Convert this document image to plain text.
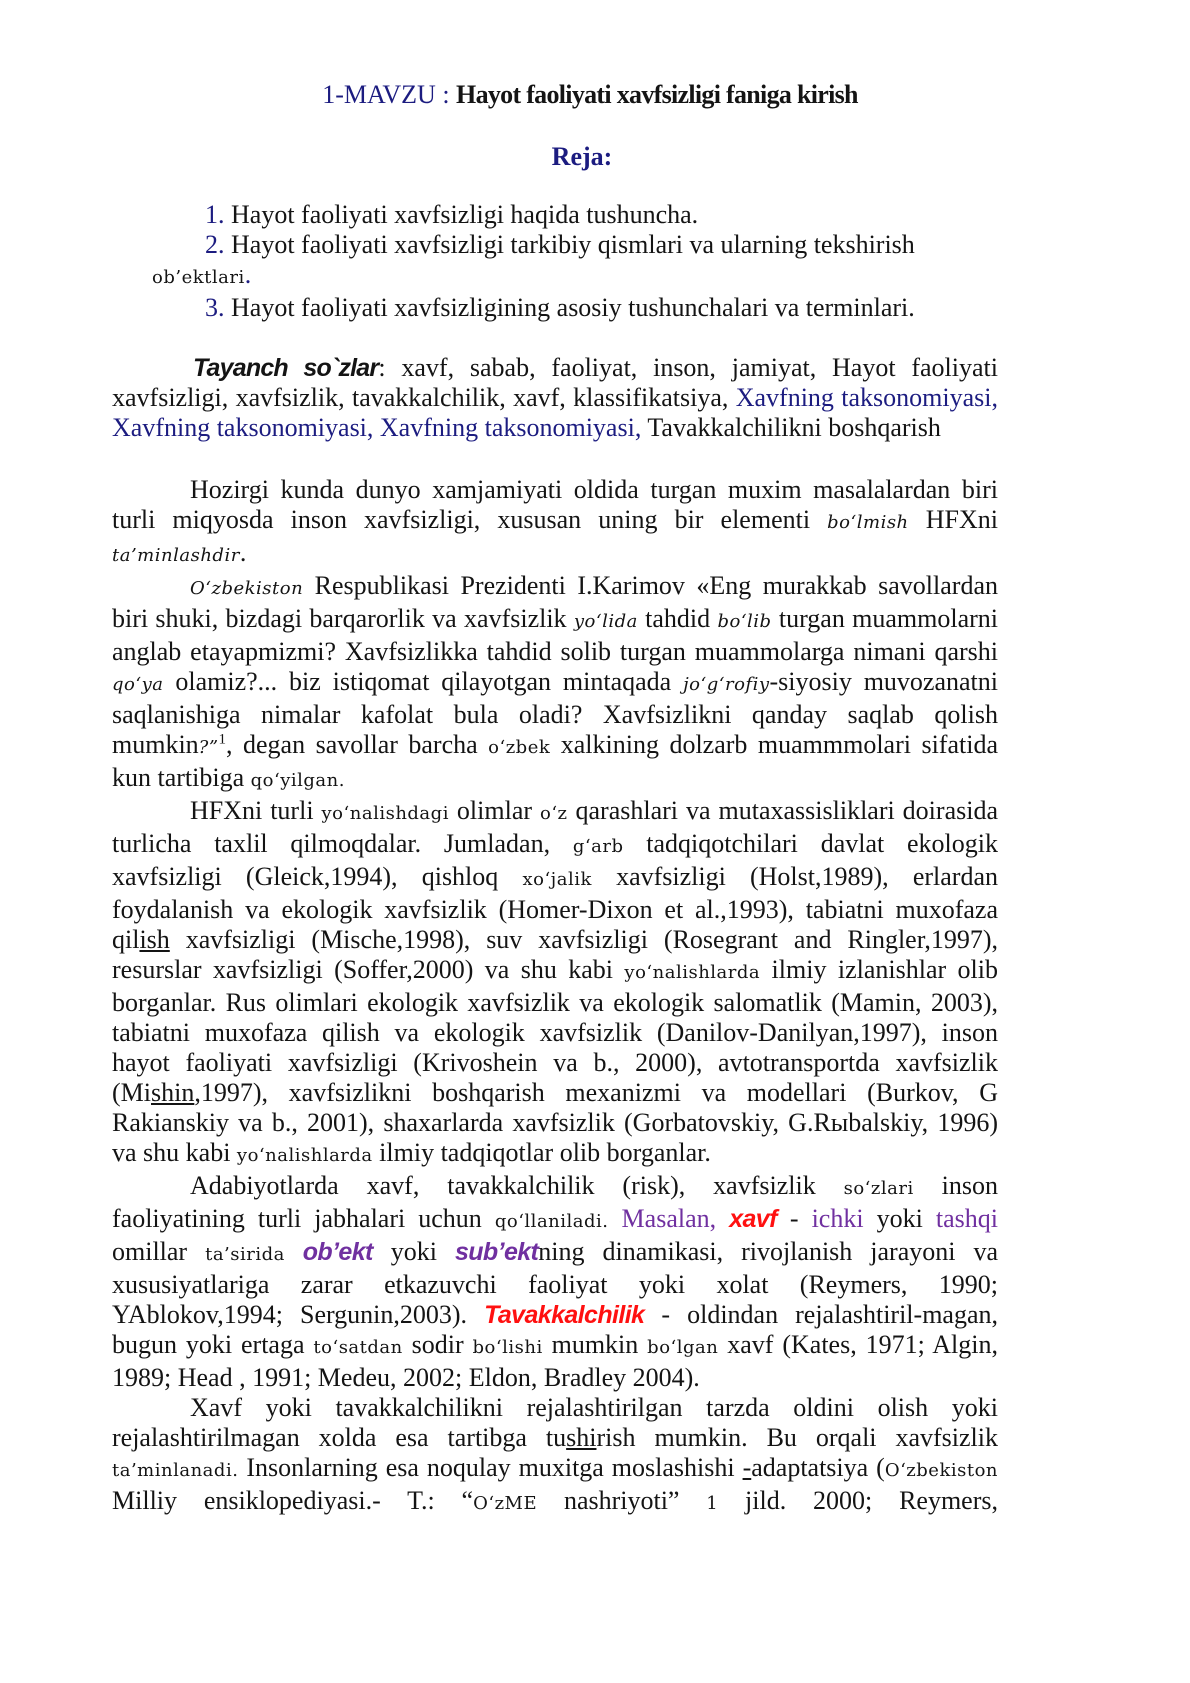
1-MAVZU : Hayot faoliyati xavfsizligi faniga kirish
Reja:

1. Hayot faoliyati xavfsizligi haqida tushuncha.

2. Hayot faoliyati xavfsizligi tarkibiy qismlari va ularning tekshirish ob’ektlari.

3. Hayot faoliyati xavfsizligining asosiy tushunchalari va terminlari.

Tayanch so`zlar: xavf, sabab, faoliyat, inson, jamiyat, Hayot faoliyati xavfsizligi, xavfsizlik, tavakkalchilik, xavf, klassifikatsiya, Xavfning taksonomiyasi, Xavfning taksonomiyasi, Xavfning taksonomiyasi, Tavakkalchilikni boshqarish

Hozirgi kunda dunyo xamjamiyati oldida turgan muxim masalalardan biri turli miqyosda inson xavfsizligi, xususan uning bir elementi bo‘lmish HFXni ta’minlashdir.

O‘zbekiston Respublikasi Prezidenti I.Karimov «Eng murakkab savollardan biri shuki, bizdagi barqarorlik va xavfsizlik yo‘lida tahdid bo‘lib turgan muammolarni anglab etayapmizmi? Xavfsizlikka tahdid solib turgan muammolarga nimani qarshi qo‘ya olamiz?... biz istiqomat qilayotgan mintaqada jo‘g‘rofiy-siyosiy muvozanatni saqlanishiga nimalar kafolat bula oladi? Xavfsizlikni qanday saqlab qolish mumkin?”$^1$, degan savollar barcha o‘zbek xalkining dolzarb muammmolari sifatida kun tartibiga qo‘yilgan.

HFXni turli yo‘nalishdagi olimlar o‘z qarashlari va mutaxassisliklari doirasida turlicha taxlil qilmoqdalar. Jumladan, g‘arb tadqiqotchilari davlat ekologik xavfsizligi (Gleick,1994), qishloq xo‘jalik xavfsizligi (Holst,1989), erlardan foydalanish va ekologik xavfsizlik (Homer-Dixon et al.,1993), tabiatni muxofaza qilish xavfsizligi (Mische,1998), suv xavfsizligi (Rosegrant and Ringler,1997), resurslar xavfsizligi (Soffer,2000) va shu kabi yo‘nalishlarda ilmiy izlanishlar olib borganlar. Rus olimlari ekologik xavfsizlik va ekologik salomatlik (Mamin, 2003), tabiatni muxofaza qilish va ekologik xavfsizlik (Danilov-Danilyan,1997), inson hayot faoliyati xavfsizligi (Krivoshein va b., 2000), avtotransportda xavfsizlik (Mishin,1997), xavfsizlikni boshqarish mexanizmi va modellari (Burkov, G Rakianskiy va b., 2001), shaxarlarda xavfsizlik (Gorbatovskiy, G.Rыbalskiy, 1996) va shu kabi yo‘nalishlarda ilmiy tadqiqotlar olib borganlar.

Adabiyotlarda xavf, tavakkalchilik (risk), xavfsizlik so‘zlari inson faoliyatining turli jabhalari uchun qo‘llaniladi. Masalan, xavf - ichki yoki tashqi omillar ta’sirida ob’ekt yoki sub’ektning dinamikasi, rivojlanish jarayoni va xususiyatlariga zarar etkazuvchi faoliyat yoki xolat (Reymers, 1990; YAblokov,1994; Sergunin,2003). Tavakkalchilik - oldindan rejalashtiril-magan, bugun yoki ertaga to‘satdan sodir bo‘lishi mumkin bo‘lgan xavf (Kates, 1971; Algin, 1989; Head , 1991; Medeu, 2002; Eldon, Bradley 2004).

Xavf yoki tavakkalchilikni rejalashtirilgan tarzda oldini olish yoki rejalashtirilmagan xolda esa tartibga tushirish mumkin. Bu orqali xavfsizlik ta’minlanadi. Insonlarning esa noqulay muxitga moslashishi -adaptatsiya (O‘zbekiston Milliy ensiklopediyasi.- T.: “O‘zME nashriyoti” 1 jild. 2000; Reymers,
